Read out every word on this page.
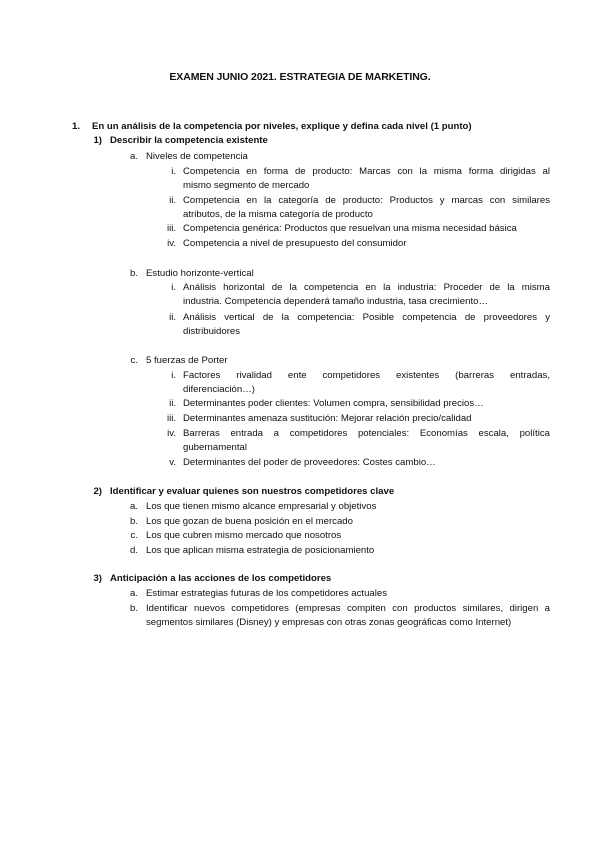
EXAMEN JUNIO 2021. ESTRATEGIA DE MARKETING.
1. En un análisis de la competencia por niveles, explique y defina cada nivel (1 punto)
1) Describir la competencia existente
a. Niveles de competencia
i. Competencia en forma de producto: Marcas con la misma forma dirigidas al
mismo segmento de mercado
ii. Competencia en la categoría de producto: Productos y marcas con similares
atributos, de la misma categoría de producto
iii. Competencia genérica: Productos que resuelvan una misma necesidad básica
iv. Competencia a nivel de presupuesto del consumidor
b. Estudio horizonte-vertical
i. Análisis horizontal de la competencia en la industria: Proceder de la misma
industria. Competencia dependerá tamaño industria, tasa crecimiento…
ii. Análisis vertical de la competencia: Posible competencia de proveedores y
distribuidores
c. 5 fuerzas de Porter
i. Factores rivalidad ente competidores existentes (barreras entradas,
diferenciación…)
ii. Determinantes poder clientes: Volumen compra, sensibilidad precios…
iii. Determinantes amenaza sustitución: Mejorar relación precio/calidad
iv. Barreras entrada a competidores potenciales: Economías escala, política
gubernamental
v. Determinantes del poder de proveedores: Costes cambio…
2) Identificar y evaluar quienes son nuestros competidores clave
a. Los que tienen mismo alcance empresarial y objetivos
b. Los que gozan de buena posición en el mercado
c. Los que cubren mismo mercado que nosotros
d. Los que aplican misma estrategia de posicionamiento
3) Anticipación a las acciones de los competidores
a. Estimar estrategias futuras de los competidores actuales
b. Identificar nuevos competidores (empresas compiten con productos similares, dirigen a
segmentos similares (Disney) y empresas con otras zonas geográficas como Internet)
